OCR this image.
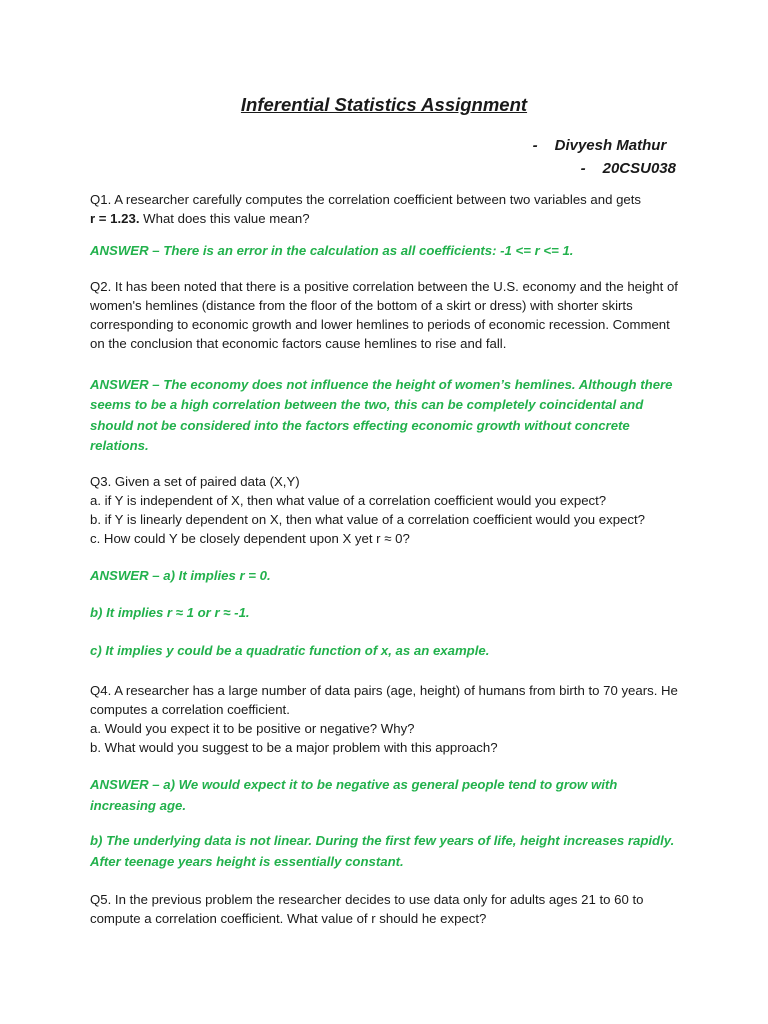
Inferential Statistics Assignment
-	Divyesh Mathur
-	20CSU038

Q1. A researcher carefully computes the correlation coefficient between two variables and gets

r = 1.23. What does this value mean?

ANSWER – There is an error in the calculation as all coefficients: -1 <= r <= 1.

Q2. It has been noted that there is a positive correlation between the U.S. economy and the height of women's hemlines (distance from the floor of the bottom of a skirt or dress) with shorter skirts corresponding to economic growth and lower hemlines to periods of economic recession. Comment on the conclusion that economic factors cause hemlines to rise and fall.

ANSWER – The economy does not influence the height of women’s hemlines. Although there seems to be a high correlation between the two, this can be completely coincidental and should not be considered into the factors effecting economic growth without concrete relations.

Q3. Given a set of paired data (X,Y)

a. if Y is independent of X, then what value of a correlation coefficient would you expect?

b. if Y is linearly dependent on X, then what value of a correlation coefficient would you expect?

c. How could Y be closely dependent upon X yet r ≈ 0?

ANSWER – a) It implies r = 0.

b) It implies r ≈ 1 or r ≈ -1.

c) It implies y could be a quadratic function of x, as an example.

Q4. A researcher has a large number of data pairs (age, height) of humans from birth to 70 years. He computes a correlation coefficient.

a. Would you expect it to be positive or negative? Why?

b. What would you suggest to be a major problem with this approach?

ANSWER – a) We would expect it to be negative as general people tend to grow with increasing age.

b) The underlying data is not linear. During the first few years of life, height increases rapidly. After teenage years height is essentially constant.

Q5. In the previous problem the researcher decides to use data only for adults ages 21 to 60 to compute a correlation coefficient. What value of r should he expect?
